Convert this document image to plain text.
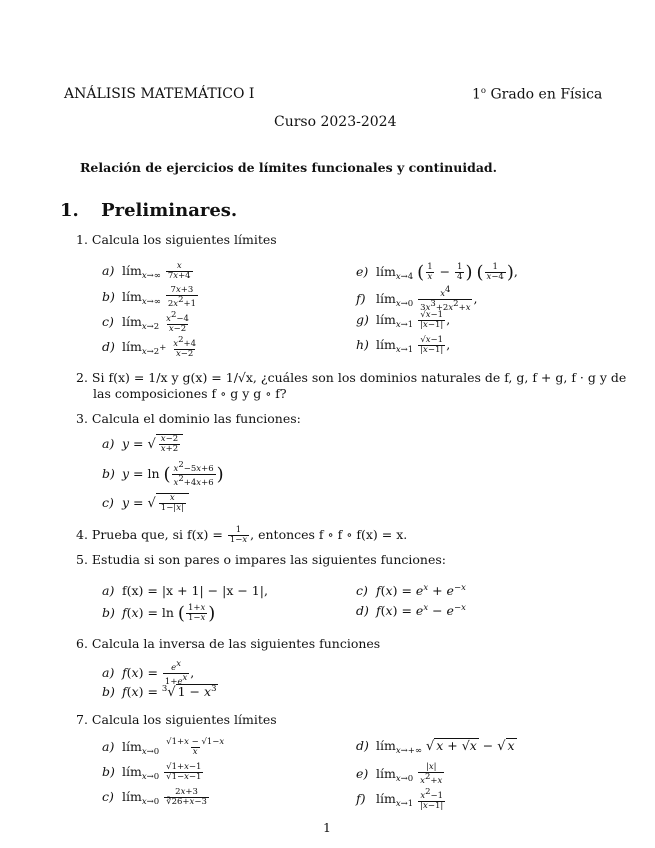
ANÁLISIS MATEMÁTICO I	1$^o$ Grado en Física
Curso 2023-2024
Relación de ejercicios de límites funcionales y continuidad.
1. Preliminares.
1. Calcula los siguientes límites
a) lím$_{x\to\infty}$ $\frac{x}{7x+4}$
b) lím$_{x\to\infty}$ $\frac{7x+3}{2x^2+1}$
c) lím$_{x\to 2}$ $\frac{x^2-4}{x-2}$
d) lím$_{x\to 2^+}$ $\frac{x^2+4}{x-2}$
e) lím$_{x\to 4}$ ( $\frac{1}{x} - \frac{1}{4}$ ) ( $\frac{1}{x-4}$ ),
f) lím$_{x\to 0}$ $\frac{x^4}{3x^3+2x^2+x}$ ,
g) lím$_{x\to 1}$ $\frac{√x-1}{|x-1|}$ ,
h) lím$_{x\to 1}$ $\frac{√x-1}{|x-1|}$ ,
2. Si f(x) = 1/x y g(x) = 1/√x, ¿cuáles son los dominios naturales de f, g, f + g, f · g y de
las composiciones f ∘ g y g ∘ f?
3. Calcula el dominio las funciones:
a) y = √ $\frac{x-2}{x+2}$
b) y = ln ( $\frac{x^2-5x+6}{x^2+4x+6}$ )
c) y = √ $\frac{x}{1-|x|}$
4. Prueba que, si $f(x) = \frac{1}{1-x}$ , entonces f ∘ f ∘ f(x) = x.
5. Estudia si son pares o impares las siguientes funciones:
a) f(x) = |x + 1| − |x − 1|,
b) f(x) = ln ( $\frac{1+x}{1-x}$ )
c) $f(x) = e^x + e^{-x}$
d) $f(x) = e^x - e^{-x}$
6. Calcula la inversa de las siguientes funciones
a) $f(x) = \frac{e^x}{1+e^x}$ ,
b) f(x) = $^3$√ $1 - x^3$
7. Calcula los siguientes límites
a) lím$_{x\to 0}$ $\frac{√1+x - √1-x}{x}$
b) lím$_{x\to 0}$ $\frac{√1+x-1}{√1-x-1}$
c) lím$_{x\to 0}$ $\frac{2x+3}{∛26+x-3}$
d) lím$_{x\to+\infty}$ √ x + √x − √ x
e) lím$_{x\to 0}$ $\frac{|x|}{x^2+x}$
f) lím$_{x\to 1}$ $\frac{x^2-1}{|x-1|}$
1
